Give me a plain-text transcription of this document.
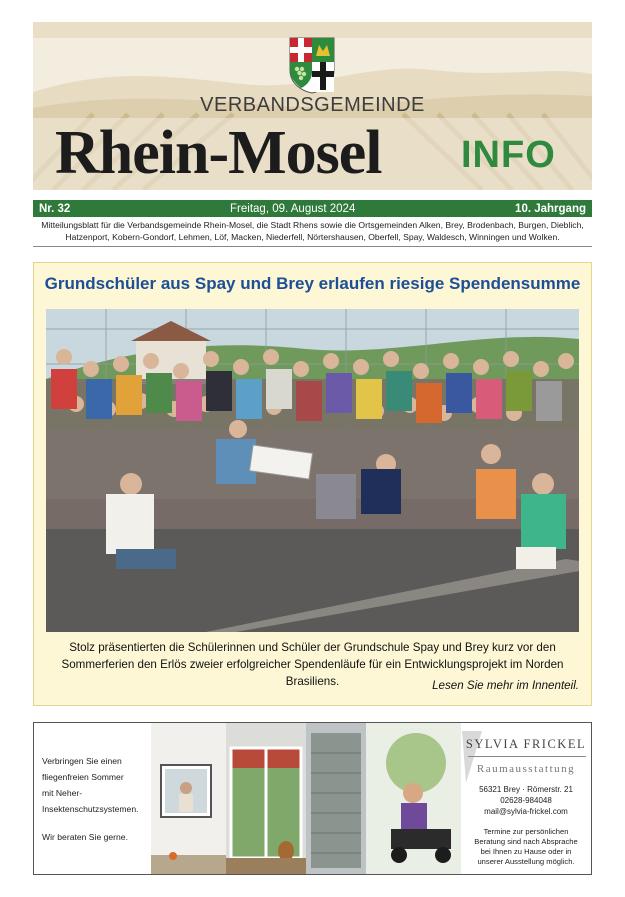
VERBANDSGEMEINDE
Rhein-Mosel INFO
Nr. 32	Freitag, 09. August 2024	10. Jahrgang
Mitteilungsblatt für die Verbandsgemeinde Rhein-Mosel, die Stadt Rhens sowie die Ortsgemeinden Alken, Brey, Brodenbach, Burgen, Dieblich, Hatzenport, Kobern-Gondorf, Lehmen, Löf, Macken, Niederfell, Nörtershausen, Oberfell, Spay, Waldesch, Winningen und Wolken.
Grundschüler aus Spay und Brey erlaufen riesige Spendensumme
Stolz präsentierten die Schülerinnen und Schüler der Grundschule Spay und Brey kurz vor den Sommerferien den Erlös zweier erfolgreicher Spendenläufe für ein Entwicklungsprojekt im Norden Brasiliens.	Lesen Sie mehr im Innenteil.

Verbringen Sie einen

fliegenfreien Sommer

mit Neher-

Insektenschutzsystemen.

Wir beraten Sie gerne.

SYLVIA FRICKEL
Raumausstattung
56321 Brey · Römerstr. 21
02628-984048
mail@sylvia-frickel.com
Termine zur persönlichen
Beratung sind nach Absprache
bei Ihnen zu Hause oder in
unserer Ausstellung möglich.
